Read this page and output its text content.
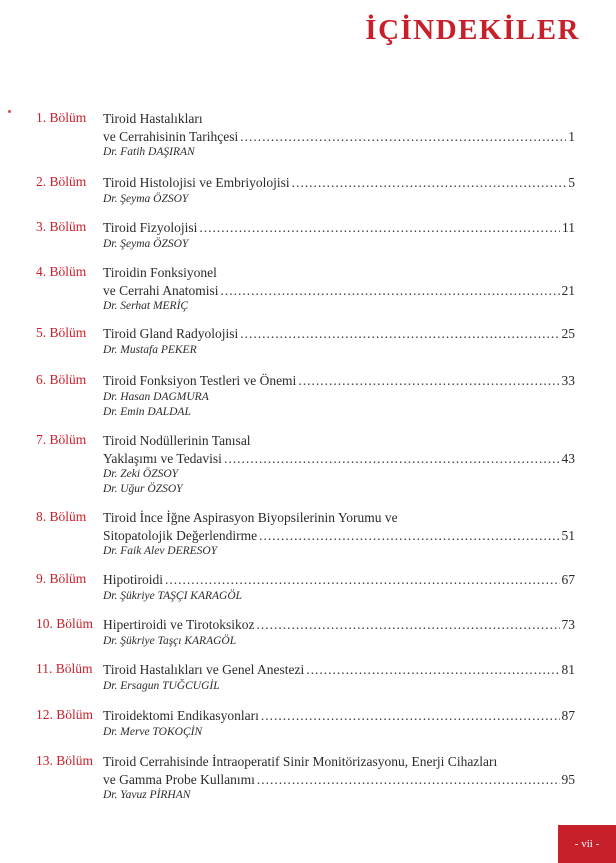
İÇİNDEKİLER
1. Bölüm Tiroid Hastalıkları
ve Cerrahisinin Tarihçesi .....	1
Dr. Fatih DAŞIRAN
2. Bölüm Tiroid Histolojisi ve Embriyolojisi .....	5
Dr. Şeyma ÖZSOY
3. Bölüm Tiroid Fizyolojisi .....	11
Dr. Şeyma ÖZSOY
4. Bölüm Tiroidin Fonksiyonel
ve Cerrahi Anatomisi .....	21
Dr. Serhat MERİÇ
5. Bölüm Tiroid Gland Radyolojisi .....	25
Dr. Mustafa PEKER
6. Bölüm Tiroid Fonksiyon Testleri ve Önemi .....	33
Dr. Hasan DAGMURA
Dr. Emin DALDAL
7. Bölüm Tiroid Nodüllerinin Tanısal
Yaklaşımı ve Tedavisi .....	43
Dr. Zeki ÖZSOY
Dr. Uğur ÖZSOY
8. Bölüm Tiroid İnce İğne Aspirasyon Biyopsilerinin Yorumu ve
Sitopatolojik Değerlendirme .....	51
Dr. Faik Alev DERESOY
9. Bölüm Hipotiroidi .....	67
Dr. Şükriye TAŞÇI KARAGÖL
10. Bölüm Hipertiroidi ve Tirotoksikoz .....	73
Dr. Şükriye Taşçı KARAGÖL
11. Bölüm Tiroid Hastalıkları ve Genel Anestezi .....	81
Dr. Ersagun TUĞCUGİL
12. Bölüm Tiroidektomi Endikasyonları .....	87
Dr. Merve TOKOÇİN
13. Bölüm Tiroid Cerrahisinde İntraoperatif Sinir Monitörizasyonu, Enerji Cihazları
ve Gamma Probe Kullanımı .....	95
Dr. Yavuz PİRHAN
- vii -
